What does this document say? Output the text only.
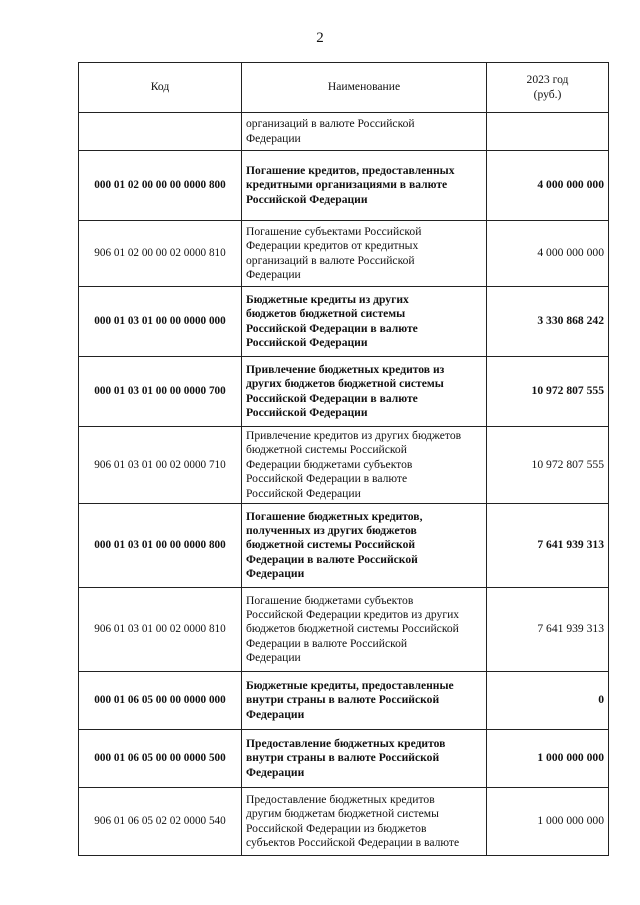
2
Код	Наименование	2023 год
(руб.)

	организаций в валюте Российской
Федерации	

000 01 02 00 00 00 0000 800	Погашение кредитов, предоставленных
кредитными организациями в валюте
Российской Федерации	4 000 000 000
906 01 02 00 00 02 0000 810	Погашение субъектами Российской
Федерации кредитов от кредитных
организаций в валюте Российской
Федерации	4 000 000 000
000 01 03 01 00 00 0000 000	Бюджетные кредиты из других
бюджетов бюджетной системы
Российской Федерации в валюте
Российской Федерации	3 330 868 242
000 01 03 01 00 00 0000 700	Привлечение бюджетных кредитов из
других бюджетов бюджетной системы
Российской Федерации в валюте
Российской Федерации	10 972 807 555
906 01 03 01 00 02 0000 710	Привлечение кредитов из других бюджетов
бюджетной системы Российской
Федерации бюджетами субъектов
Российской Федерации в валюте
Российской Федерации	10 972 807 555
000 01 03 01 00 00 0000 800	Погашение бюджетных кредитов,
полученных из других бюджетов
бюджетной системы Российской
Федерации в валюте Российской
Федерации	7 641 939 313
906 01 03 01 00 02 0000 810	Погашение бюджетами субъектов
Российской Федерации кредитов из других
бюджетов бюджетной системы Российской
Федерации в валюте Российской
Федерации	7 641 939 313
000 01 06 05 00 00 0000 000	Бюджетные кредиты, предоставленные
внутри страны в валюте Российской
Федерации	0
000 01 06 05 00 00 0000 500	Предоставление бюджетных кредитов
внутри страны в валюте Российской
Федерации	1 000 000 000
906 01 06 05 02 02 0000 540	Предоставление бюджетных кредитов
другим бюджетам бюджетной системы
Российской Федерации из бюджетов
субъектов Российской Федерации в валюте	1 000 000 000
